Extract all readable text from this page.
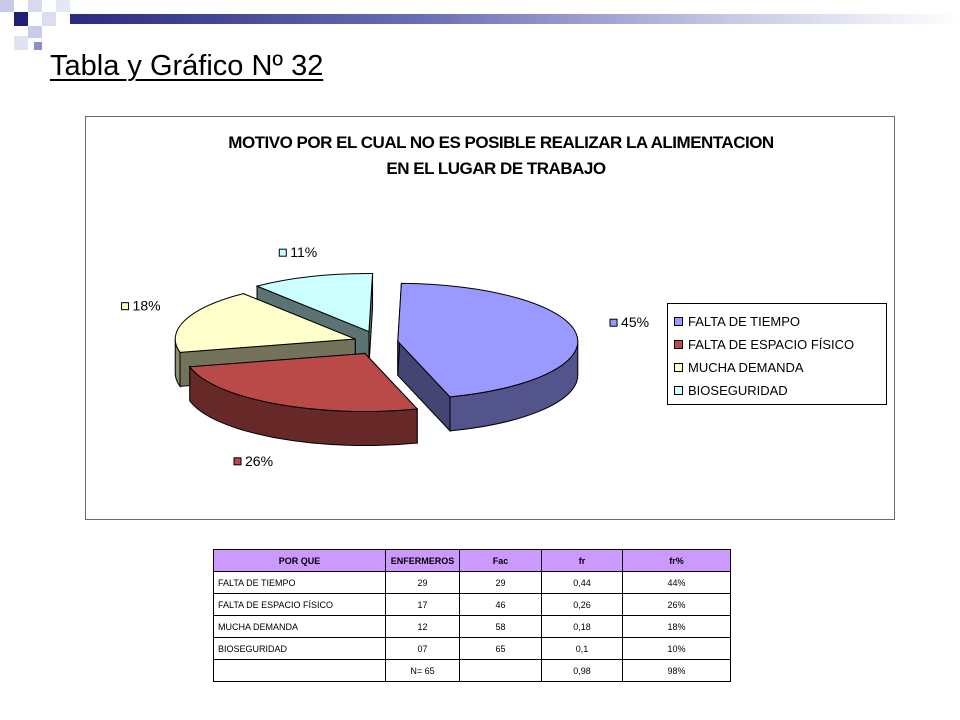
Tabla y Gráfico Nº 32
MOTIVO POR EL CUAL NO ES POSIBLE REALIZAR LA ALIMENTACION
EN EL LUGAR DE TRABAJO
45%
26%
18%
11%
FALTA DE TIEMPO
FALTA DE ESPACIO FÍSICO
MUCHA DEMANDA
BIOSEGURIDAD
POR QUE	ENFERMEROS	Fac	fr	fr%
FALTA DE TIEMPO	29	29	0,44	44%
FALTA DE ESPACIO FÍSICO	17	46	0,26	26%
MUCHA DEMANDA	12	58	0,18	18%
BIOSEGURIDAD	07	65	0,1	10%
	N= 65		0,98	98%
